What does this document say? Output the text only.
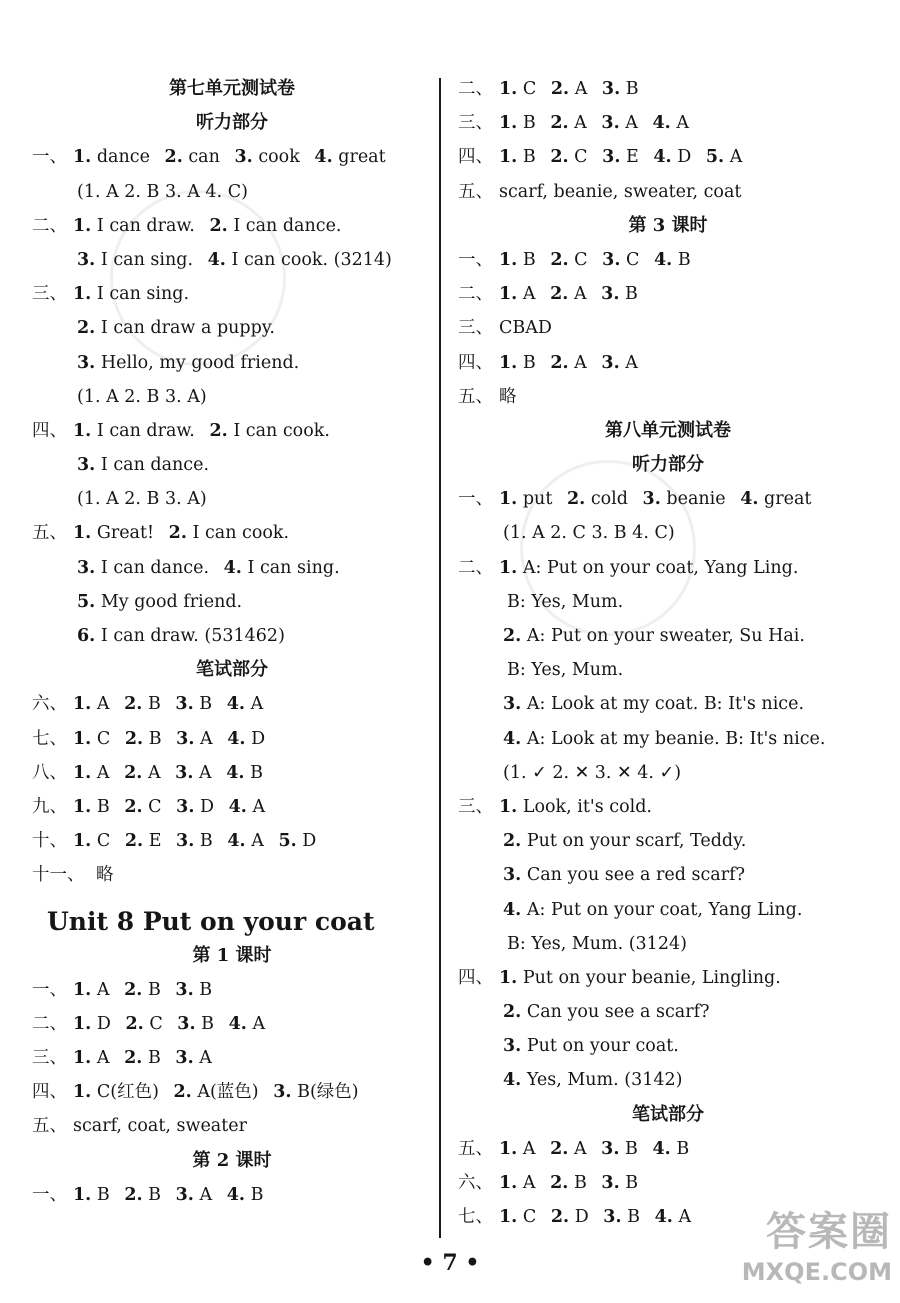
第七单元测试卷
听力部分
一、 1. dance 2. can 3. cook 4. great
(1. A 2. B 3. A 4. C)
二、 1. I can draw. 2. I can dance.
3. I can sing. 4. I can cook. (3214)
三、 1. I can sing.
2. I can draw a puppy.
3. Hello, my good friend.
(1. A 2. B 3. A)
四、 1. I can draw. 2. I can cook.
3. I can dance.
(1. A 2. B 3. A)
五、 1. Great! 2. I can cook.
3. I can dance. 4. I can sing.
5. My good friend.
6. I can draw. (531462)
笔试部分
六、 1. A 2. B 3. B 4. A
七、 1. C 2. B 3. A 4. D
八、 1. A 2. A 3. A 4. B
九、 1. B 2. C 3. D 4. A
十、 1. C 2. E 3. B 4. A 5. D
十一、 略
Unit 8 Put on your coat
第 1 课时
一、 1. A 2. B 3. B
二、 1. D 2. C 3. B 4. A
三、 1. A 2. B 3. A
四、 1. C(红色) 2. A(蓝色) 3. B(绿色)
五、 scarf, coat, sweater
第 2 课时
一、 1. B 2. B 3. A 4. B
二、 1. C 2. A 3. B
三、 1. B 2. A 3. A 4. A
四、 1. B 2. C 3. E 4. D 5. A
五、 scarf, beanie, sweater, coat
第 3 课时
一、 1. B 2. C 3. C 4. B
二、 1. A 2. A 3. B
三、 CBAD
四、 1. B 2. A 3. A
五、 略
第八单元测试卷
听力部分
一、 1. put 2. cold 3. beanie 4. great
(1. A 2. C 3. B 4. C)
二、 1. A: Put on your coat, Yang Ling.
B: Yes, Mum.
2. A: Put on your sweater, Su Hai.
B: Yes, Mum.
3. A: Look at my coat. B: It's nice.
4. A: Look at my beanie. B: It's nice.
(1. ✓ 2. ✕ 3. ✕ 4. ✓)
三、 1. Look, it's cold.
2. Put on your scarf, Teddy.
3. Can you see a red scarf?
4. A: Put on your coat, Yang Ling.
B: Yes, Mum. (3124)
四、 1. Put on your beanie, Lingling.
2. Can you see a scarf?
3. Put on your coat.
4. Yes, Mum. (3142)
笔试部分
五、 1. A 2. A 3. B 4. B
六、 1. A 2. B 3. B
七、 1. C 2. D 3. B 4. A
• 7 •
答案圈
MXQE.COM
